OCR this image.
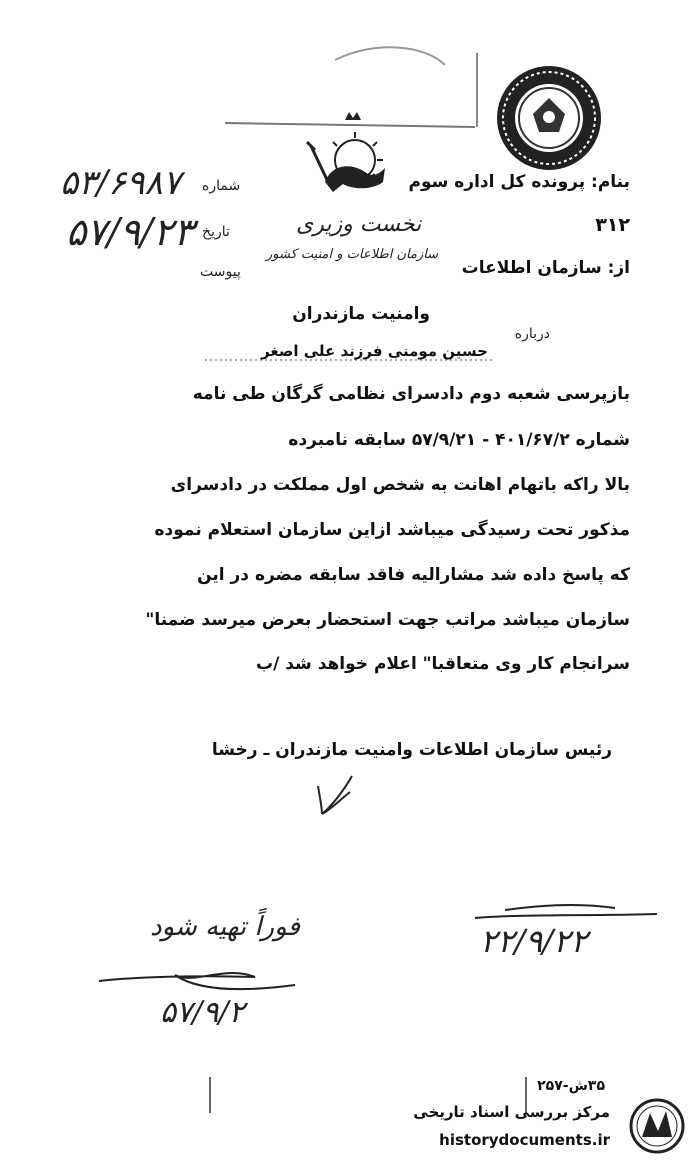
نخست وزیری
سازمان اطلاعات و امنیت کشور
بنام: پرونده کل اداره سوم
۳۱۲
از: سازمان اطلاعات
وامنیت مازندران
شماره
۵۳/۶۹۸۷
تاریخ
۵۷/۹/۲۳
پیوست
درباره
حسین مومنی فرزند علی اصغر
بازپرسی شعبه دوم دادسرای نظامی گرگان طی نامه
شماره ۴۰۱/۶۷/۲ - ۵۷/۹/۲۱ سابقه نامبرده
بالا راکه باتهام اهانت به شخص اول مملکت در دادسرای
مذکور تحت رسیدگی میباشد ازاین سازمان استعلام نموده
که پاسخ داده شد مشارالیه فاقد سابقه مضره در این
سازمان میباشد مراتب جهت استحضار بعرض میرسد ضمنا"
سرانجام کار وی متعاقبا" اعلام خواهد شد /ب
رئیس سازمان اطلاعات وامنیت مازندران ـ رخشا
۲۲/۹/۲۲
فوراً تهیه شود
۵۷/۹/۲
۳۵ش-۲۵۷
مرکز بررسی اسناد تاریخی
historydocuments.ir
